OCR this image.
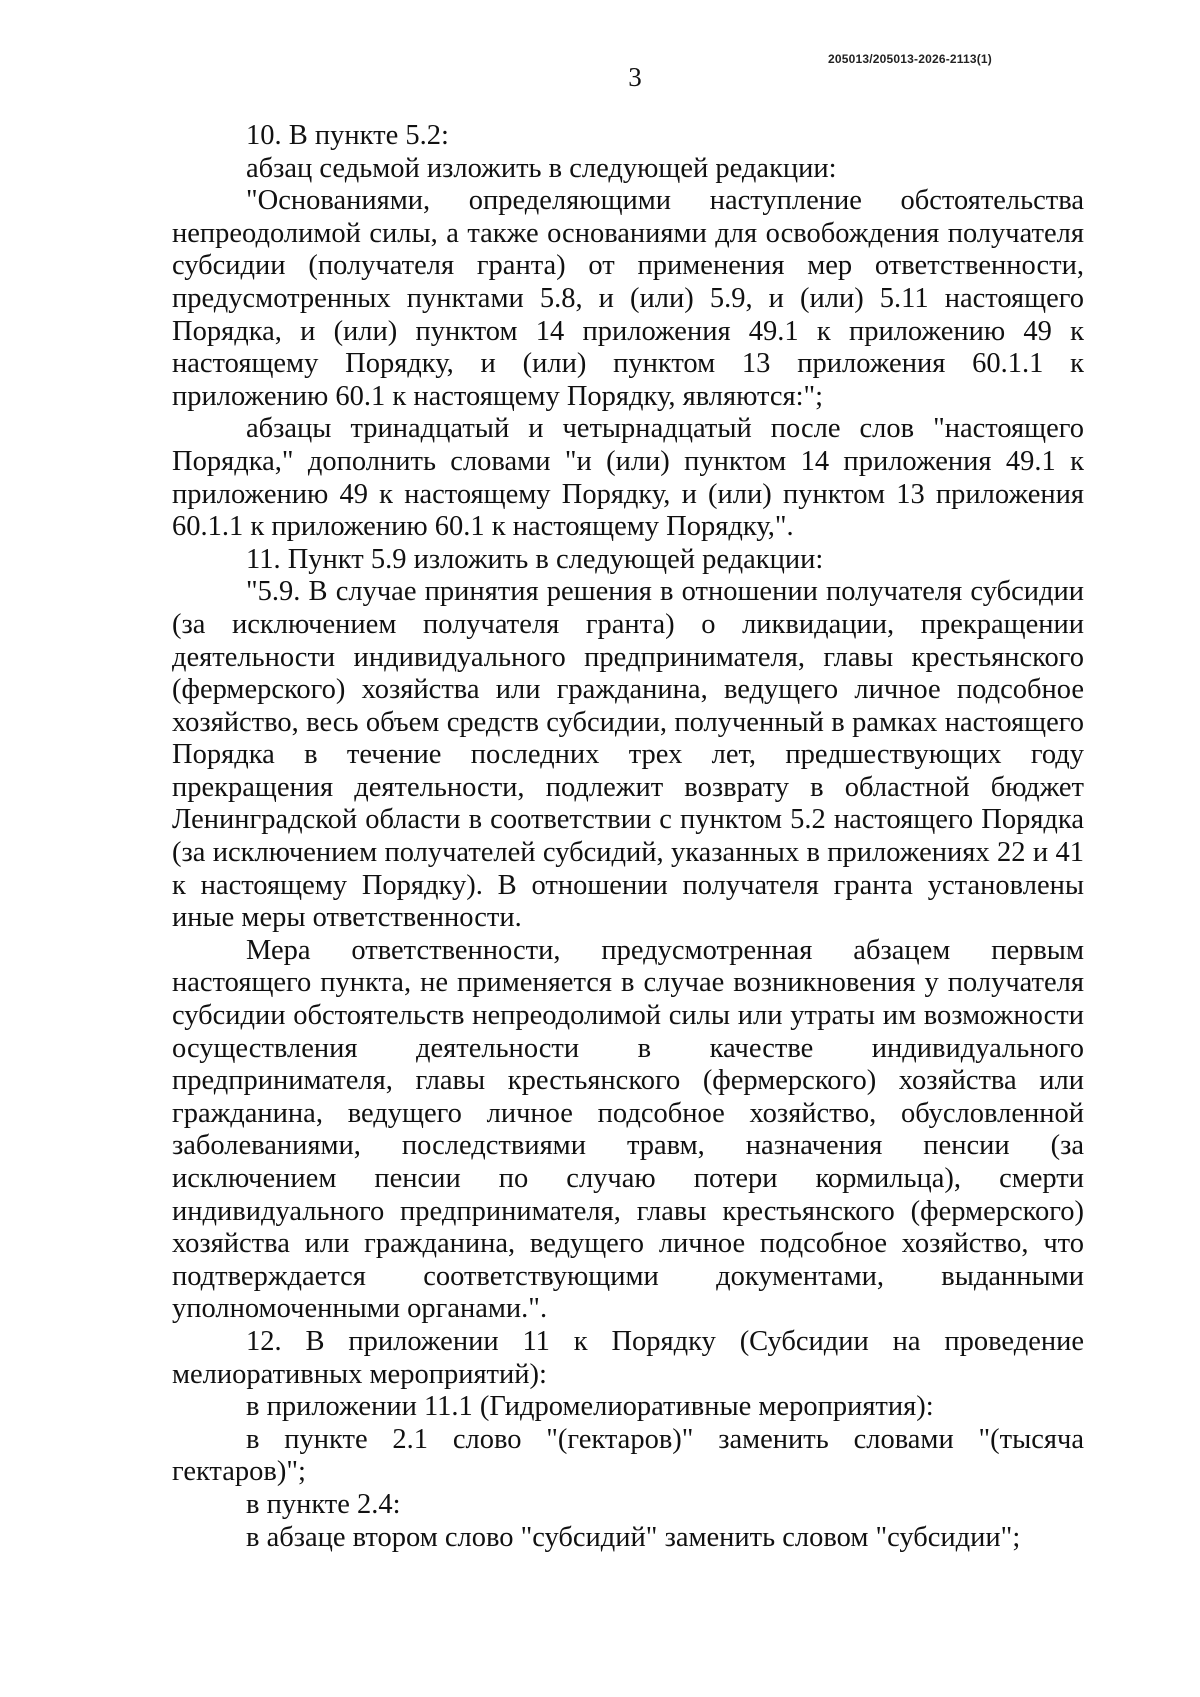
205013/205013-2026-2113(1)
3

10. В пункте 5.2:

абзац седьмой изложить в следующей редакции:

"Основаниями, определяющими наступление обстоятельства непреодолимой силы, а также основаниями для освобождения получателя субсидии (получателя гранта) от применения мер ответственности, предусмотренных пунктами 5.8, и (или) 5.9, и (или) 5.11 настоящего Порядка, и (или) пунктом 14 приложения 49.1 к приложению 49 к настоящему Порядку, и (или) пунктом 13 приложения 60.1.1 к приложению 60.1 к настоящему Порядку, являются:";

абзацы тринадцатый и четырнадцатый после слов "настоящего Порядка," дополнить словами "и (или) пунктом 14 приложения 49.1 к приложению 49 к настоящему Порядку, и (или) пунктом 13 приложения 60.1.1 к приложению 60.1 к настоящему Порядку,".

11. Пункт 5.9 изложить в следующей редакции:

"5.9. В случае принятия решения в отношении получателя субсидии (за исключением получателя гранта) о ликвидации, прекращении деятельности индивидуального предпринимателя, главы крестьянского (фермерского) хозяйства или гражданина, ведущего личное подсобное хозяйство, весь объем средств субсидии, полученный в рамках настоящего Порядка в течение последних трех лет, предшествующих году прекращения деятельности, подлежит возврату в областной бюджет Ленинградской области в соответствии с пунктом 5.2 настоящего Порядка (за исключением получателей субсидий, указанных в приложениях 22 и 41 к настоящему Порядку). В отношении получателя гранта установлены иные меры ответственности.

Мера ответственности, предусмотренная абзацем первым настоящего пункта, не применяется в случае возникновения у получателя субсидии обстоятельств непреодолимой силы или утраты им возможности осуществления деятельности в качестве индивидуального предпринимателя, главы крестьянского (фермерского) хозяйства или гражданина, ведущего личное подсобное хозяйство, обусловленной заболеваниями, последствиями травм, назначения пенсии (за исключением пенсии по случаю потери кормильца), смерти индивидуального предпринимателя, главы крестьянского (фермерского) хозяйства или гражданина, ведущего личное подсобное хозяйство, что подтверждается соответствующими документами, выданными уполномоченными органами.".

12. В приложении 11 к Порядку (Субсидии на проведение мелиоративных мероприятий):

в приложении 11.1 (Гидромелиоративные мероприятия):

в пункте 2.1 слово "(гектаров)" заменить словами "(тысяча гектаров)";

в пункте 2.4:

в абзаце втором слово "субсидий" заменить словом "субсидии";
